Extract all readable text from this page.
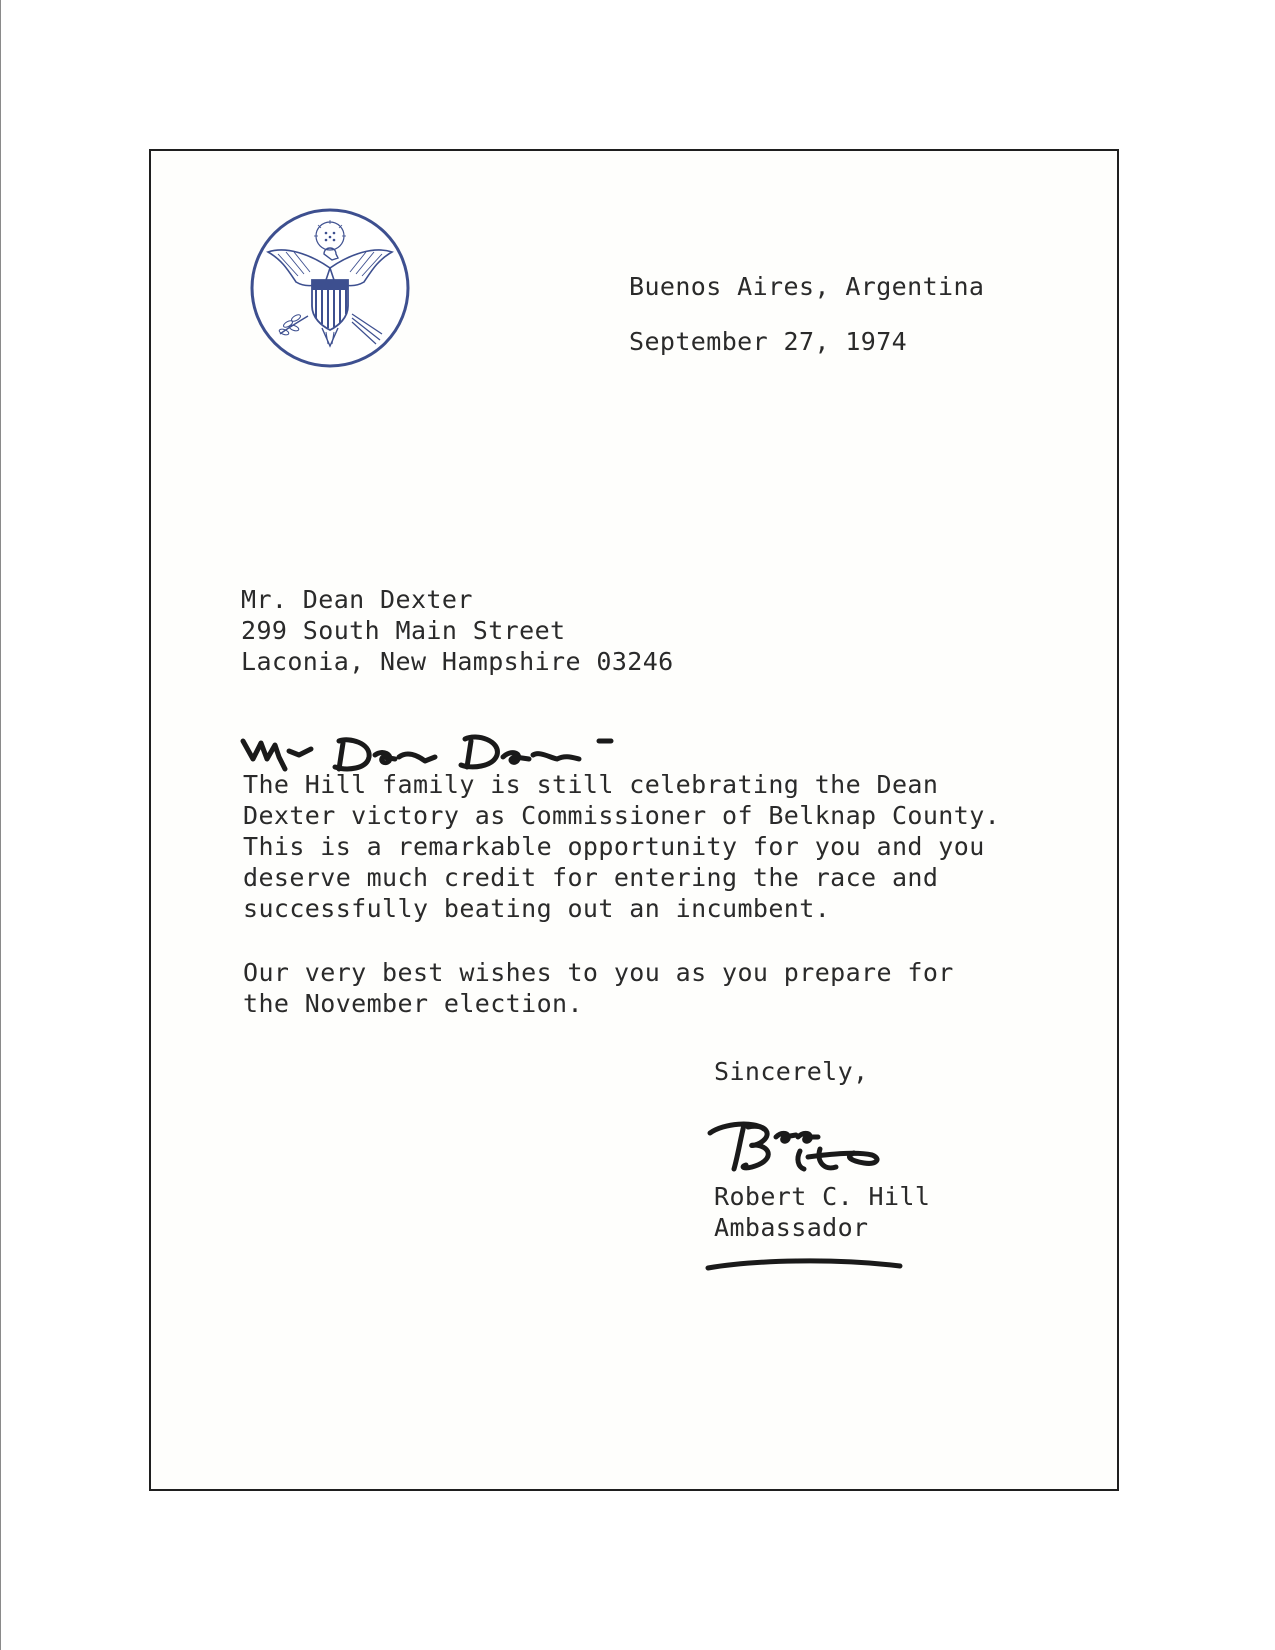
Buenos Aires, Argentina
September 27, 1974
Mr. Dean Dexter
299 South Main Street
Laconia, New Hampshire 03246
The Hill family is still celebrating the Dean
Dexter victory as Commissioner of Belknap County.
This is a remarkable opportunity for you and you
deserve much credit for entering the race and
successfully beating out an incumbent.
Our very best wishes to you as you prepare for
the November election.
Sincerely,
Robert C. Hill
Ambassador
